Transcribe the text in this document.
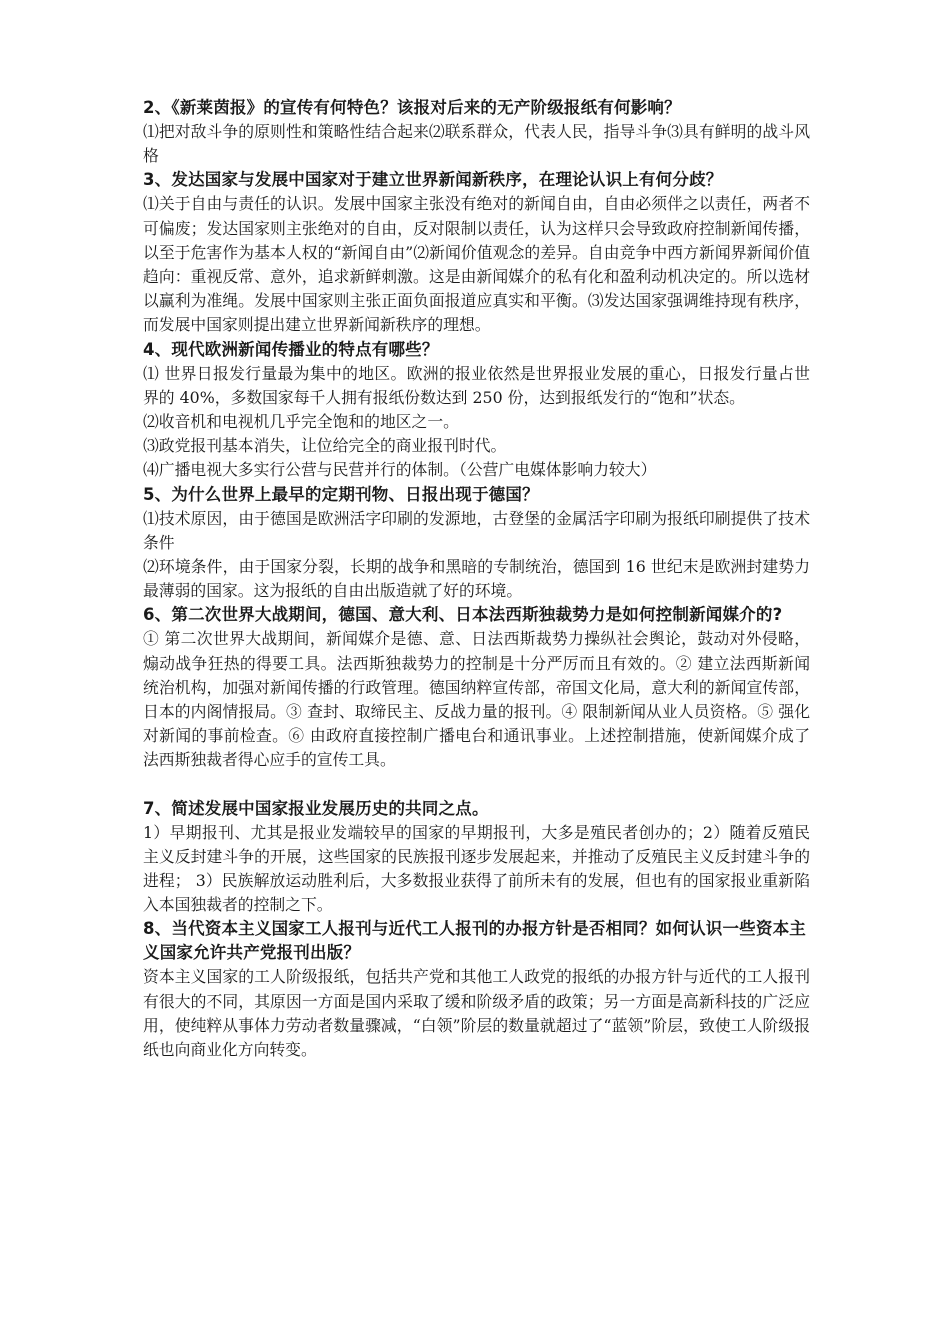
2、《新莱茵报》的宣传有何特色？该报对后来的无产阶级报纸有何影响？

⑴把对敌斗争的原则性和策略性结合起来⑵联系群众，代表人民，指导斗争⑶具有鲜明的战斗风格

3、发达国家与发展中国家对于建立世界新闻新秩序，在理论认识上有何分歧？

⑴关于自由与责任的认识。发展中国家主张没有绝对的新闻自由，自由必须伴之以责任，两者不可偏废；发达国家则主张绝对的自由，反对限制以责任，认为这样只会导致政府控制新闻传播，以至于危害作为基本人权的“新闻自由”⑵新闻价值观念的差异。自由竞争中西方新闻界新闻价值趋向：重视反常、意外，追求新鲜刺激。这是由新闻媒介的私有化和盈利动机决定的。所以选材以赢利为准绳。发展中国家则主张正面负面报道应真实和平衡。⑶发达国家强调维持现有秩序，而发展中国家则提出建立世界新闻新秩序的理想。

4、现代欧洲新闻传播业的特点有哪些？

⑴ 世界日报发行量最为集中的地区。欧洲的报业依然是世界报业发展的重心，日报发行量占世界的 40%，多数国家每千人拥有报纸份数达到 250 份，达到报纸发行的“饱和”状态。

⑵收音机和电视机几乎完全饱和的地区之一。

⑶政党报刊基本消失，让位给完全的商业报刊时代。

⑷广播电视大多实行公营与民营并行的体制。（公营广电媒体影响力较大）

5、为什么世界上最早的定期刊物、日报出现于德国？

⑴技术原因，由于德国是欧洲活字印刷的发源地，古登堡的金属活字印刷为报纸印刷提供了技术条件

⑵环境条件，由于国家分裂，长期的战争和黑暗的专制统治，德国到 16 世纪末是欧洲封建势力最薄弱的国家。这为报纸的自由出版造就了好的环境。

6、第二次世界大战期间，德国、意大利、日本法西斯独裁势力是如何控制新闻媒介的?

① 第二次世界大战期间，新闻媒介是德、意、日法西斯裁势力操纵社会舆论，鼓动对外侵略，煽动战争狂热的得要工具。法西斯独裁势力的控制是十分严厉而且有效的。② 建立法西斯新闻统治机构，加强对新闻传播的行政管理。德国纳粹宣传部，帝国文化局，意大利的新闻宣传部，日本的内阁情报局。③ 查封、取缔民主、反战力量的报刊。④ 限制新闻从业人员资格。⑤ 强化对新闻的事前检查。⑥ 由政府直接控制广播电台和通讯事业。上述控制措施，使新闻媒介成了法西斯独裁者得心应手的宣传工具。

7、简述发展中国家报业发展历史的共同之点。

1）早期报刊、尤其是报业发端较早的国家的早期报刊，大多是殖民者创办的；2）随着反殖民主义反封建斗争的开展，这些国家的民族报刊逐步发展起来，并推动了反殖民主义反封建斗争的进程； 3）民族解放运动胜利后，大多数报业获得了前所未有的发展，但也有的国家报业重新陷入本国独裁者的控制之下。

8、当代资本主义国家工人报刊与近代工人报刊的办报方针是否相同？如何认识一些资本主义国家允许共产党报刊出版？

资本主义国家的工人阶级报纸，包括共产党和其他工人政党的报纸的办报方针与近代的工人报刊有很大的不同，其原因一方面是国内采取了缓和阶级矛盾的政策；另一方面是高新科技的广泛应用，使纯粹从事体力劳动者数量骤减，“白领”阶层的数量就超过了“蓝领”阶层，致使工人阶级报纸也向商业化方向转变。
